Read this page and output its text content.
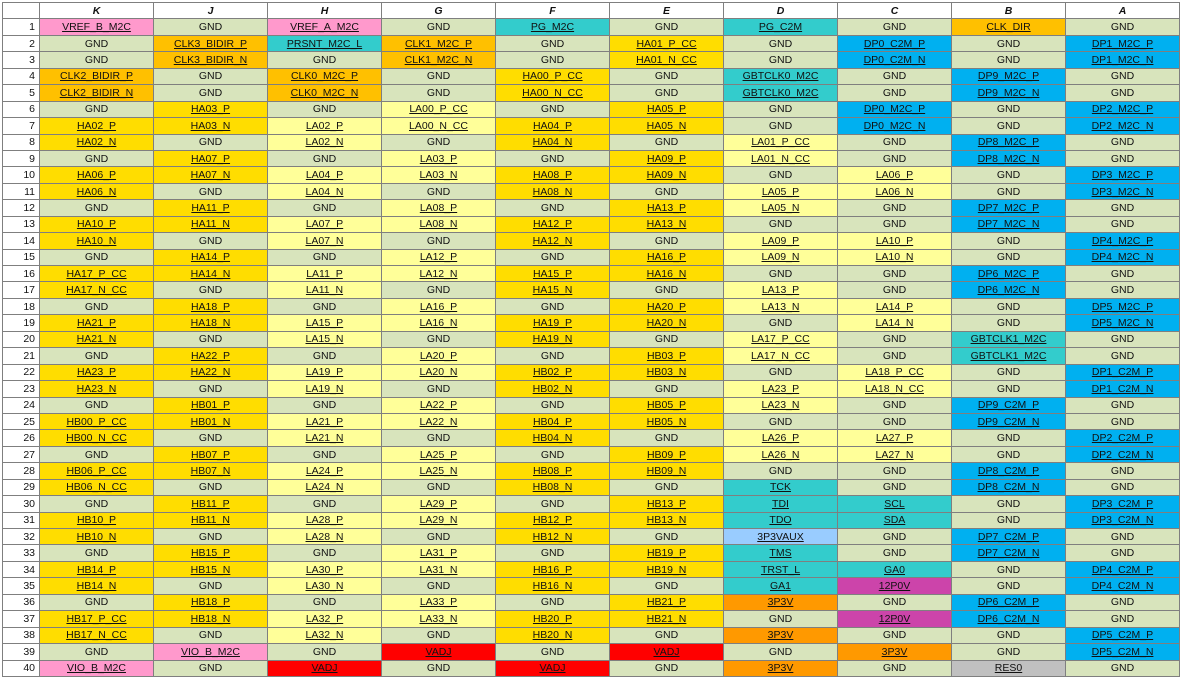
	K	J	H	G	F	E	D	C	B	A
1	VREF_B_M2C	GND	VREF_A_M2C	GND	PG_M2C	GND	PG_C2M	GND	CLK_DIR	GND
2	GND	CLK3_BIDIR_P	PRSNT_M2C_L	CLK1_M2C_P	GND	HA01_P_CC	GND	DP0_C2M_P	GND	DP1_M2C_P
3	GND	CLK3_BIDIR_N	GND	CLK1_M2C_N	GND	HA01_N_CC	GND	DP0_C2M_N	GND	DP1_M2C_N
4	CLK2_BIDIR_P	GND	CLK0_M2C_P	GND	HA00_P_CC	GND	GBTCLK0_M2C	GND	DP9_M2C_P	GND
5	CLK2_BIDIR_N	GND	CLK0_M2C_N	GND	HA00_N_CC	GND	GBTCLK0_M2C	GND	DP9_M2C_N	GND
6	GND	HA03_P	GND	LA00_P_CC	GND	HA05_P	GND	DP0_M2C_P	GND	DP2_M2C_P
7	HA02_P	HA03_N	LA02_P	LA00_N_CC	HA04_P	HA05_N	GND	DP0_M2C_N	GND	DP2_M2C_N
8	HA02_N	GND	LA02_N	GND	HA04_N	GND	LA01_P_CC	GND	DP8_M2C_P	GND
9	GND	HA07_P	GND	LA03_P	GND	HA09_P	LA01_N_CC	GND	DP8_M2C_N	GND
10	HA06_P	HA07_N	LA04_P	LA03_N	HA08_P	HA09_N	GND	LA06_P	GND	DP3_M2C_P
11	HA06_N	GND	LA04_N	GND	HA08_N	GND	LA05_P	LA06_N	GND	DP3_M2C_N
12	GND	HA11_P	GND	LA08_P	GND	HA13_P	LA05_N	GND	DP7_M2C_P	GND
13	HA10_P	HA11_N	LA07_P	LA08_N	HA12_P	HA13_N	GND	GND	DP7_M2C_N	GND
14	HA10_N	GND	LA07_N	GND	HA12_N	GND	LA09_P	LA10_P	GND	DP4_M2C_P
15	GND	HA14_P	GND	LA12_P	GND	HA16_P	LA09_N	LA10_N	GND	DP4_M2C_N
16	HA17_P_CC	HA14_N	LA11_P	LA12_N	HA15_P	HA16_N	GND	GND	DP6_M2C_P	GND
17	HA17_N_CC	GND	LA11_N	GND	HA15_N	GND	LA13_P	GND	DP6_M2C_N	GND
18	GND	HA18_P	GND	LA16_P	GND	HA20_P	LA13_N	LA14_P	GND	DP5_M2C_P
19	HA21_P	HA18_N	LA15_P	LA16_N	HA19_P	HA20_N	GND	LA14_N	GND	DP5_M2C_N
20	HA21_N	GND	LA15_N	GND	HA19_N	GND	LA17_P_CC	GND	GBTCLK1_M2C	GND
21	GND	HA22_P	GND	LA20_P	GND	HB03_P	LA17_N_CC	GND	GBTCLK1_M2C	GND
22	HA23_P	HA22_N	LA19_P	LA20_N	HB02_P	HB03_N	GND	LA18_P_CC	GND	DP1_C2M_P
23	HA23_N	GND	LA19_N	GND	HB02_N	GND	LA23_P	LA18_N_CC	GND	DP1_C2M_N
24	GND	HB01_P	GND	LA22_P	GND	HB05_P	LA23_N	GND	DP9_C2M_P	GND
25	HB00_P_CC	HB01_N	LA21_P	LA22_N	HB04_P	HB05_N	GND	GND	DP9_C2M_N	GND
26	HB00_N_CC	GND	LA21_N	GND	HB04_N	GND	LA26_P	LA27_P	GND	DP2_C2M_P
27	GND	HB07_P	GND	LA25_P	GND	HB09_P	LA26_N	LA27_N	GND	DP2_C2M_N
28	HB06_P_CC	HB07_N	LA24_P	LA25_N	HB08_P	HB09_N	GND	GND	DP8_C2M_P	GND
29	HB06_N_CC	GND	LA24_N	GND	HB08_N	GND	TCK	GND	DP8_C2M_N	GND
30	GND	HB11_P	GND	LA29_P	GND	HB13_P	TDI	SCL	GND	DP3_C2M_P
31	HB10_P	HB11_N	LA28_P	LA29_N	HB12_P	HB13_N	TDO	SDA	GND	DP3_C2M_N
32	HB10_N	GND	LA28_N	GND	HB12_N	GND	3P3VAUX	GND	DP7_C2M_P	GND
33	GND	HB15_P	GND	LA31_P	GND	HB19_P	TMS	GND	DP7_C2M_N	GND
34	HB14_P	HB15_N	LA30_P	LA31_N	HB16_P	HB19_N	TRST_L	GA0	GND	DP4_C2M_P
35	HB14_N	GND	LA30_N	GND	HB16_N	GND	GA1	12P0V	GND	DP4_C2M_N
36	GND	HB18_P	GND	LA33_P	GND	HB21_P	3P3V	GND	DP6_C2M_P	GND
37	HB17_P_CC	HB18_N	LA32_P	LA33_N	HB20_P	HB21_N	GND	12P0V	DP6_C2M_N	GND
38	HB17_N_CC	GND	LA32_N	GND	HB20_N	GND	3P3V	GND	GND	DP5_C2M_P
39	GND	VIO_B_M2C	GND	VADJ	GND	VADJ	GND	3P3V	GND	DP5_C2M_N
40	VIO_B_M2C	GND	VADJ	GND	VADJ	GND	3P3V	GND	RES0	GND
